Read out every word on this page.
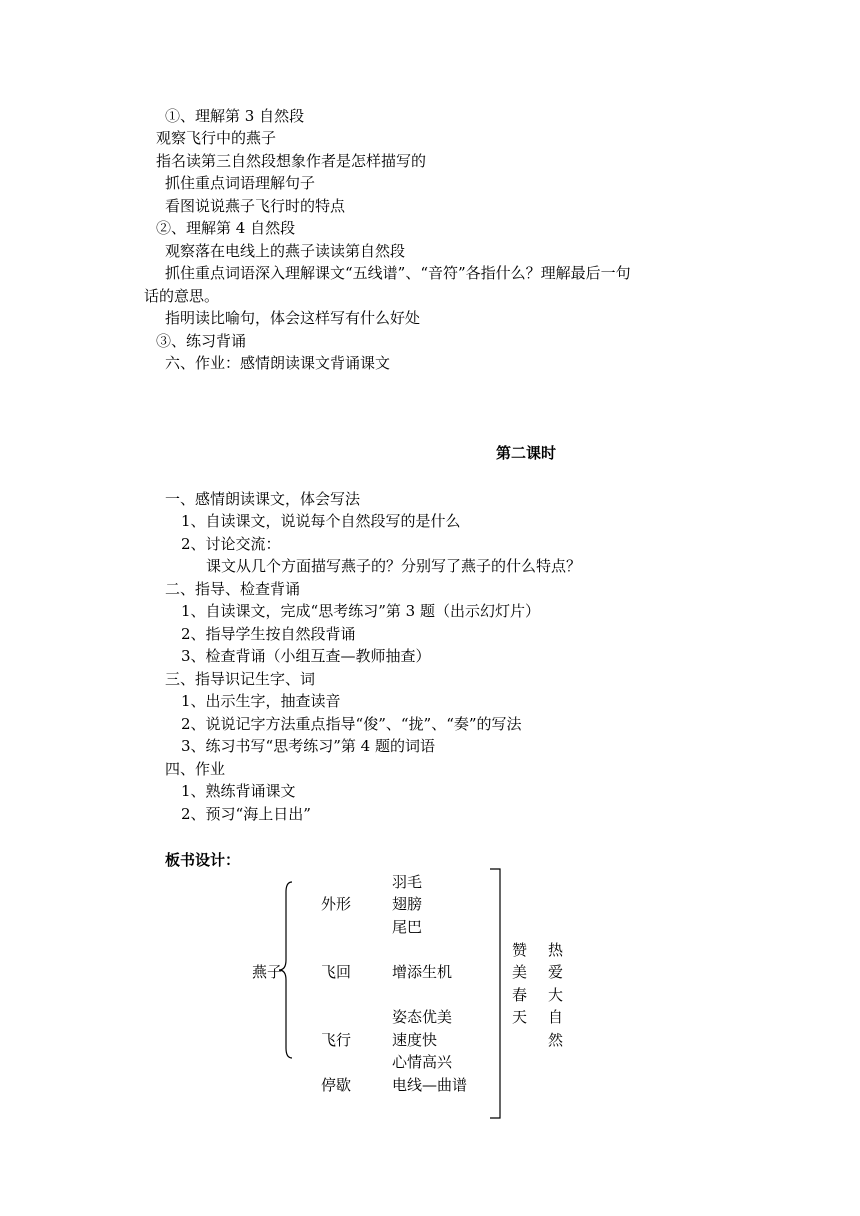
①、理解第 3 自然段
观察飞行中的燕子
指名读第三自然段想象作者是怎样描写的
抓住重点词语理解句子
看图说说燕子飞行时的特点
②、理解第 4 自然段
观察落在电线上的燕子读读第自然段
抓住重点词语深入理解课文“五线谱”、“音符”各指什么？理解最后一句
话的意思。
指明读比喻句，体会这样写有什么好处
③、练习背诵
六、作业：感情朗读课文背诵课文
第二课时
一、感情朗读课文，体会写法
1、自读课文，说说每个自然段写的是什么
2、讨论交流：
课文从几个方面描写燕子的？分别写了燕子的什么特点？
二、指导、检查背诵
1、自读课文，完成“思考练习”第 3 题（出示幻灯片）
2、指导学生按自然段背诵
3、检查背诵（小组互查—教师抽查）
三、指导识记生字、词
1、出示生字，抽查读音
2、说说记字方法重点指导“俊”、“拢”、“奏”的写法
3、练习书写“思考练习”第 4 题的词语
四、作业
1、熟练背诵课文
2、预习“海上日出”
板书设计：
燕子
外形
飞回
飞行
停歇
羽毛
翅膀
尾巴
增添生机
姿态优美
速度快
心情高兴
电线—曲谱
赞
美
春
天
热
爱
大
自
然
